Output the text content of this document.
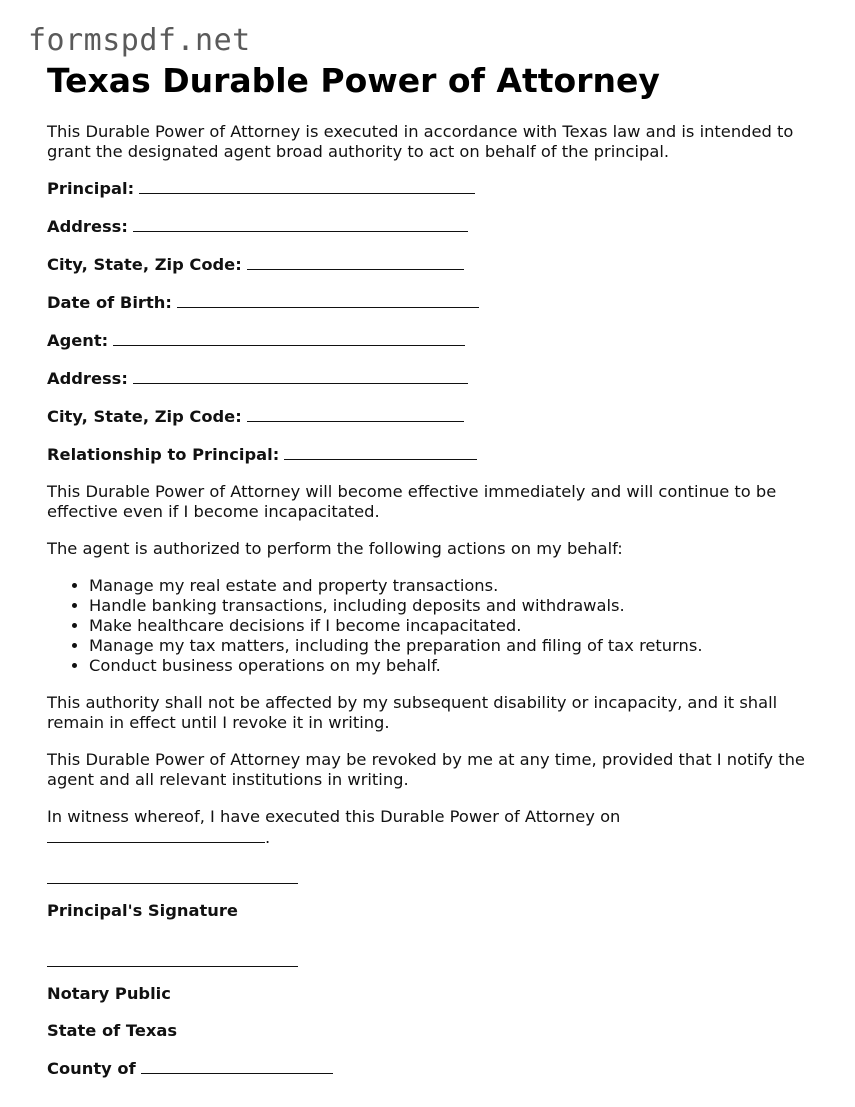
formspdf.net
Texas Durable Power of Attorney

This Durable Power of Attorney is executed in accordance with Texas law and is intended to grant the designated agent broad authority to act on behalf of the principal.

Principal:

Address:

City, State, Zip Code:

Date of Birth:

Agent:

Address:

City, State, Zip Code:

Relationship to Principal:

This Durable Power of Attorney will become effective immediately and will continue to be effective even if I become incapacitated.

The agent is authorized to perform the following actions on my behalf:

• Manage my real estate and property transactions.
• Handle banking transactions, including deposits and withdrawals.
• Make healthcare decisions if I become incapacitated.
• Manage my tax matters, including the preparation and filing of tax returns.
• Conduct business operations on my behalf.

This authority shall not be affected by my subsequent disability or incapacity, and it shall remain in effect until I revoke it in writing.

This Durable Power of Attorney may be revoked by me at any time, provided that I notify the agent and all relevant institutions in writing.

In witness whereof, I have executed this Durable Power of Attorney on
.

Principal's Signature

Notary Public

State of Texas

County of
